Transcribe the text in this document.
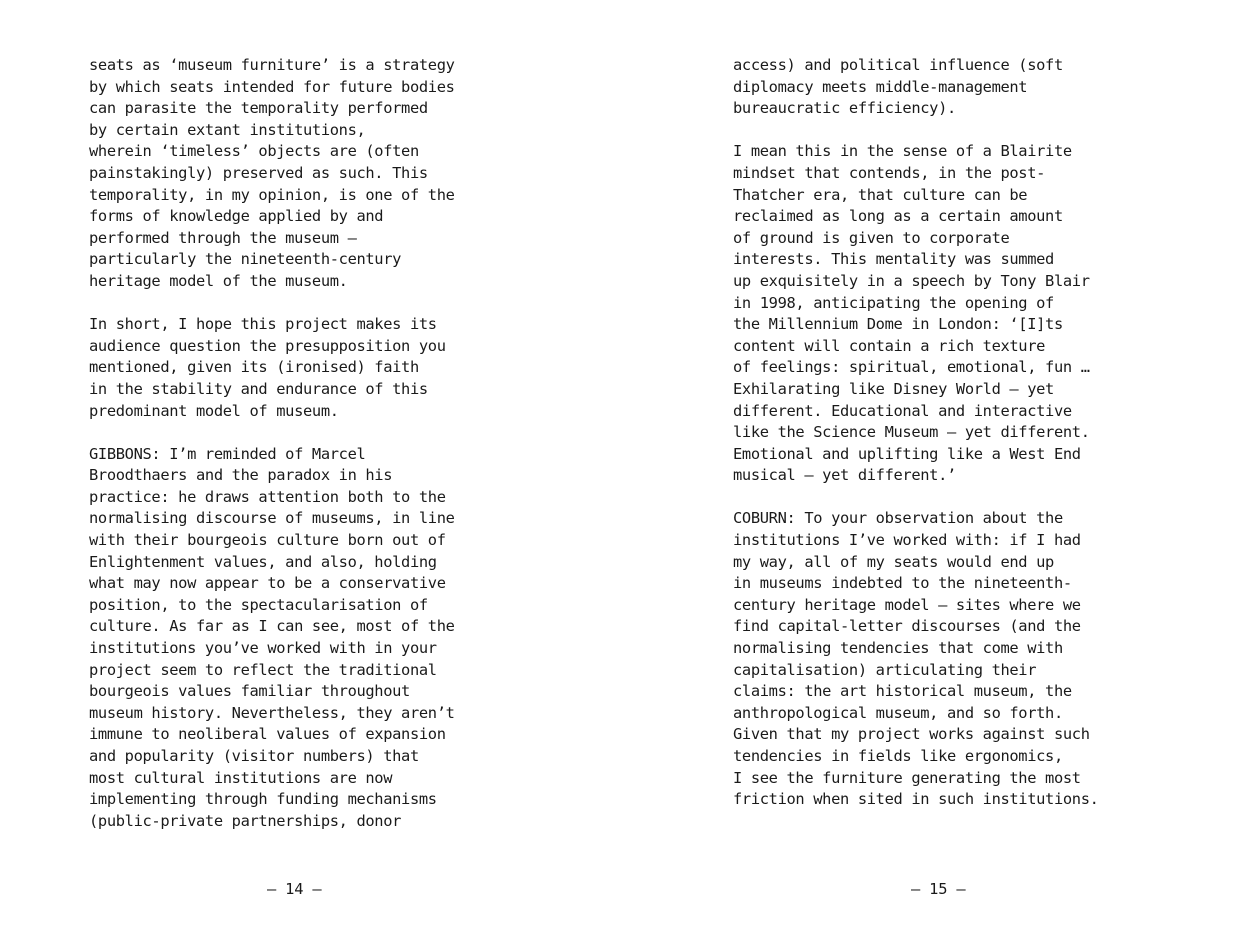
seats as ‘museum furniture’ is a strategy
by which seats intended for future bodies
can parasite the temporality performed
by certain extant institutions,
wherein ‘timeless’ objects are (often
painstakingly) preserved as such. This
temporality, in my opinion, is one of the
forms of knowledge applied by and
performed through the museum —
particularly the nineteenth-century
heritage model of the museum.

In short, I hope this project makes its
audience question the presupposition you
mentioned, given its (ironised) faith
in the stability and endurance of this
predominant model of museum.

GIBBONS: I’m reminded of Marcel
Broodthaers and the paradox in his
practice: he draws attention both to the
normalising discourse of museums, in line
with their bourgeois culture born out of
Enlightenment values, and also, holding
what may now appear to be a conservative
position, to the spectacularisation of
culture. As far as I can see, most of the
institutions you’ve worked with in your
project seem to reflect the traditional
bourgeois values familiar throughout
museum history. Nevertheless, they aren’t
immune to neoliberal values of expansion
and popularity (visitor numbers) that
most cultural institutions are now
implementing through funding mechanisms
(public-private partnerships, donor

— 14 —

access) and political influence (soft
diplomacy meets middle-management
bureaucratic efficiency).

I mean this in the sense of a Blairite
mindset that contends, in the post-
Thatcher era, that culture can be
reclaimed as long as a certain amount
of ground is given to corporate
interests. This mentality was summed
up exquisitely in a speech by Tony Blair
in 1998, anticipating the opening of
the Millennium Dome in London: ‘[I]ts
content will contain a rich texture
of feelings: spiritual, emotional, fun …
Exhilarating like Disney World — yet
different. Educational and interactive
like the Science Museum — yet different.
Emotional and uplifting like a West End
musical — yet different.’

COBURN: To your observation about the
institutions I’ve worked with: if I had
my way, all of my seats would end up
in museums indebted to the nineteenth-
century heritage model — sites where we
find capital-letter discourses (and the
normalising tendencies that come with
capitalisation) articulating their
claims: the art historical museum, the
anthropological museum, and so forth.
Given that my project works against such
tendencies in fields like ergonomics,
I see the furniture generating the most
friction when sited in such institutions.

— 15 —
